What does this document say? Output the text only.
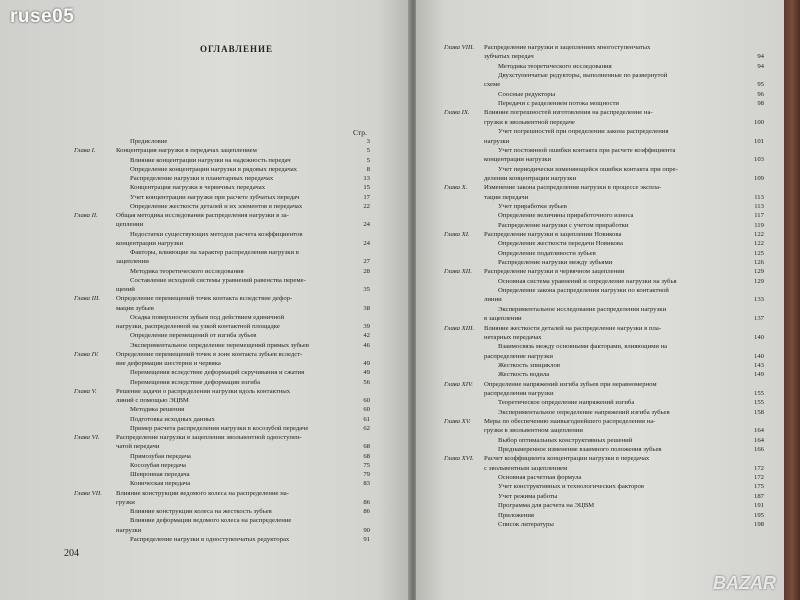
ОГЛАВЛЕНИЕ
Стр.
Предисловие	3
Глава I.	Концентрация нагрузки в передачах зацеплением	5
Влияние концентрации нагрузки на надежность передач	5
Определение концентрации нагрузки в рядовых передачах	8
Распределение нагрузки в планетарных передачах	13
Концентрация нагрузки в червячных передачах	15
Учет концентрации нагрузки при расчете зубчатых передач	17
Определение жесткости деталей и их элементов в передачах	22
Глава II.	Общая методика исследования распределения нагрузки в за-
цеплении	24
Недостатки существующих методов расчета коэффициентов
концентрации нагрузки	24
Факторы, влияющие на характер распределения нагрузки в
зацеплении	27
Методика теоретического исследования	28
Составление исходной системы уравнений равенства переме-
щений	35
Глава III. Определение перемещений точек контакта вследствие дефор-
мации зубьев	38
Осадка поверхности зубьев под действием единичной
нагрузки, распределенной на узкой контактной площадке	39
Определение перемещений от изгиба зубьев	42
Экспериментальное определение перемещений прямых зубьев	46
Глава IV.	Определение перемещений точек в зоне контакта зубьев вследст-
вие деформации шестерни и червяка	49
Перемещения вследствие деформаций скручивания и сжатия	49
Перемещения вследствие деформации изгиба	56
Глава V.	Решение задачи о распределении нагрузки вдоль контактных
линий с помощью ЭЦВМ	60
Методика решения	60
Подготовка исходных данных	61
Пример расчета распределения нагрузки в косозубой передаче	62
Глава VI. Распределение нагрузки в зацеплении эвольвентной одноступен-
чатой передачи	68
Прямозубая передача	68
Косозубая передача	75
Шевронная передача	79
Коническая передача	83
Глава VII. Влияние конструкции ведомого колеса на распределение на-
грузки	86
Влияние конструкции колеса на жесткость зубьев	86
Влияние деформации ведомого колеса на распределение
нагрузки	90
Распределение нагрузки в одноступенчатых редукторах	91
204
Глава VIII. Распределение нагрузки в зацеплениях многоступенчатых
зубчатых передач	94
Методика теоретического исследования	94
Двухступенчатые редукторы, выполненные по развернутой
схеме	95
Соосные редукторы	96
Передачи с разделением потока мощности	98
Глава IX. Влияние погрешностей изготовления на распределение на-
грузки в эвольвентной передаче	100
Учет погрешностей при определении закона распределения
нагрузки	101
Учет постоянной ошибки контакта при расчете коэффициента
концентрации нагрузки	103
Учет периодически изменяющейся ошибки контакта при опре-
делении концентрации нагрузки	109
Глава X. Изменение закона распределения нагрузки в процессе экспла-
тации передачи	113
Учет приработки зубьев	113
Определение величины приработочного износа	117
Распределение нагрузки с учетом приработки	119
Глава XI. Распределение нагрузки в зацеплении Новикова	122
Определение жесткости передачи Новикова	122
Определение податливости зубьев	125
Распределение нагрузки между зубьями	126
Глава XII. Распределение нагрузки в червячном зацеплении	129
Основная система уравнений и определение нагрузки на зубья	129
Определение закона распределения нагрузки по контактной
линии	133
Экспериментальное исследование распределения нагрузки
в зацеплении	137
Глава XIII. Влияние жесткости деталей на распределение нагрузки в пла-
нетарных передачах	140
Взаимосвязь между основными факторами, влияющими на
распределение нагрузки	140
Жесткость эпициклов	143
Жесткость водила	149
Глава XIV. Определение напряжений изгиба зубьев при неравномерном
распределении нагрузки	155
Теоретическое определение напряжений изгиба	155
Экспериментальное определение напряжений изгиба зубьев	158
Глава XV. Меры по обеспечению наивыгоднейшего распределения на-
грузки в эвольвентном зацеплении	164
Выбор оптимальных конструктивных решений	164
Преднамеренное изменение взаимного положения зубьев	166
Глава XVI. Расчет коэффициента концентрации нагрузки в передачах
с эвольвентным зацеплением	172
Основная расчетная формула	172
Учет конструктивных и технологических факторов	175
Учет режима работы	187
Программа для расчета на ЭЦВМ	191
Приложения	195
Список литературы	198
ruse05
BAZAR
